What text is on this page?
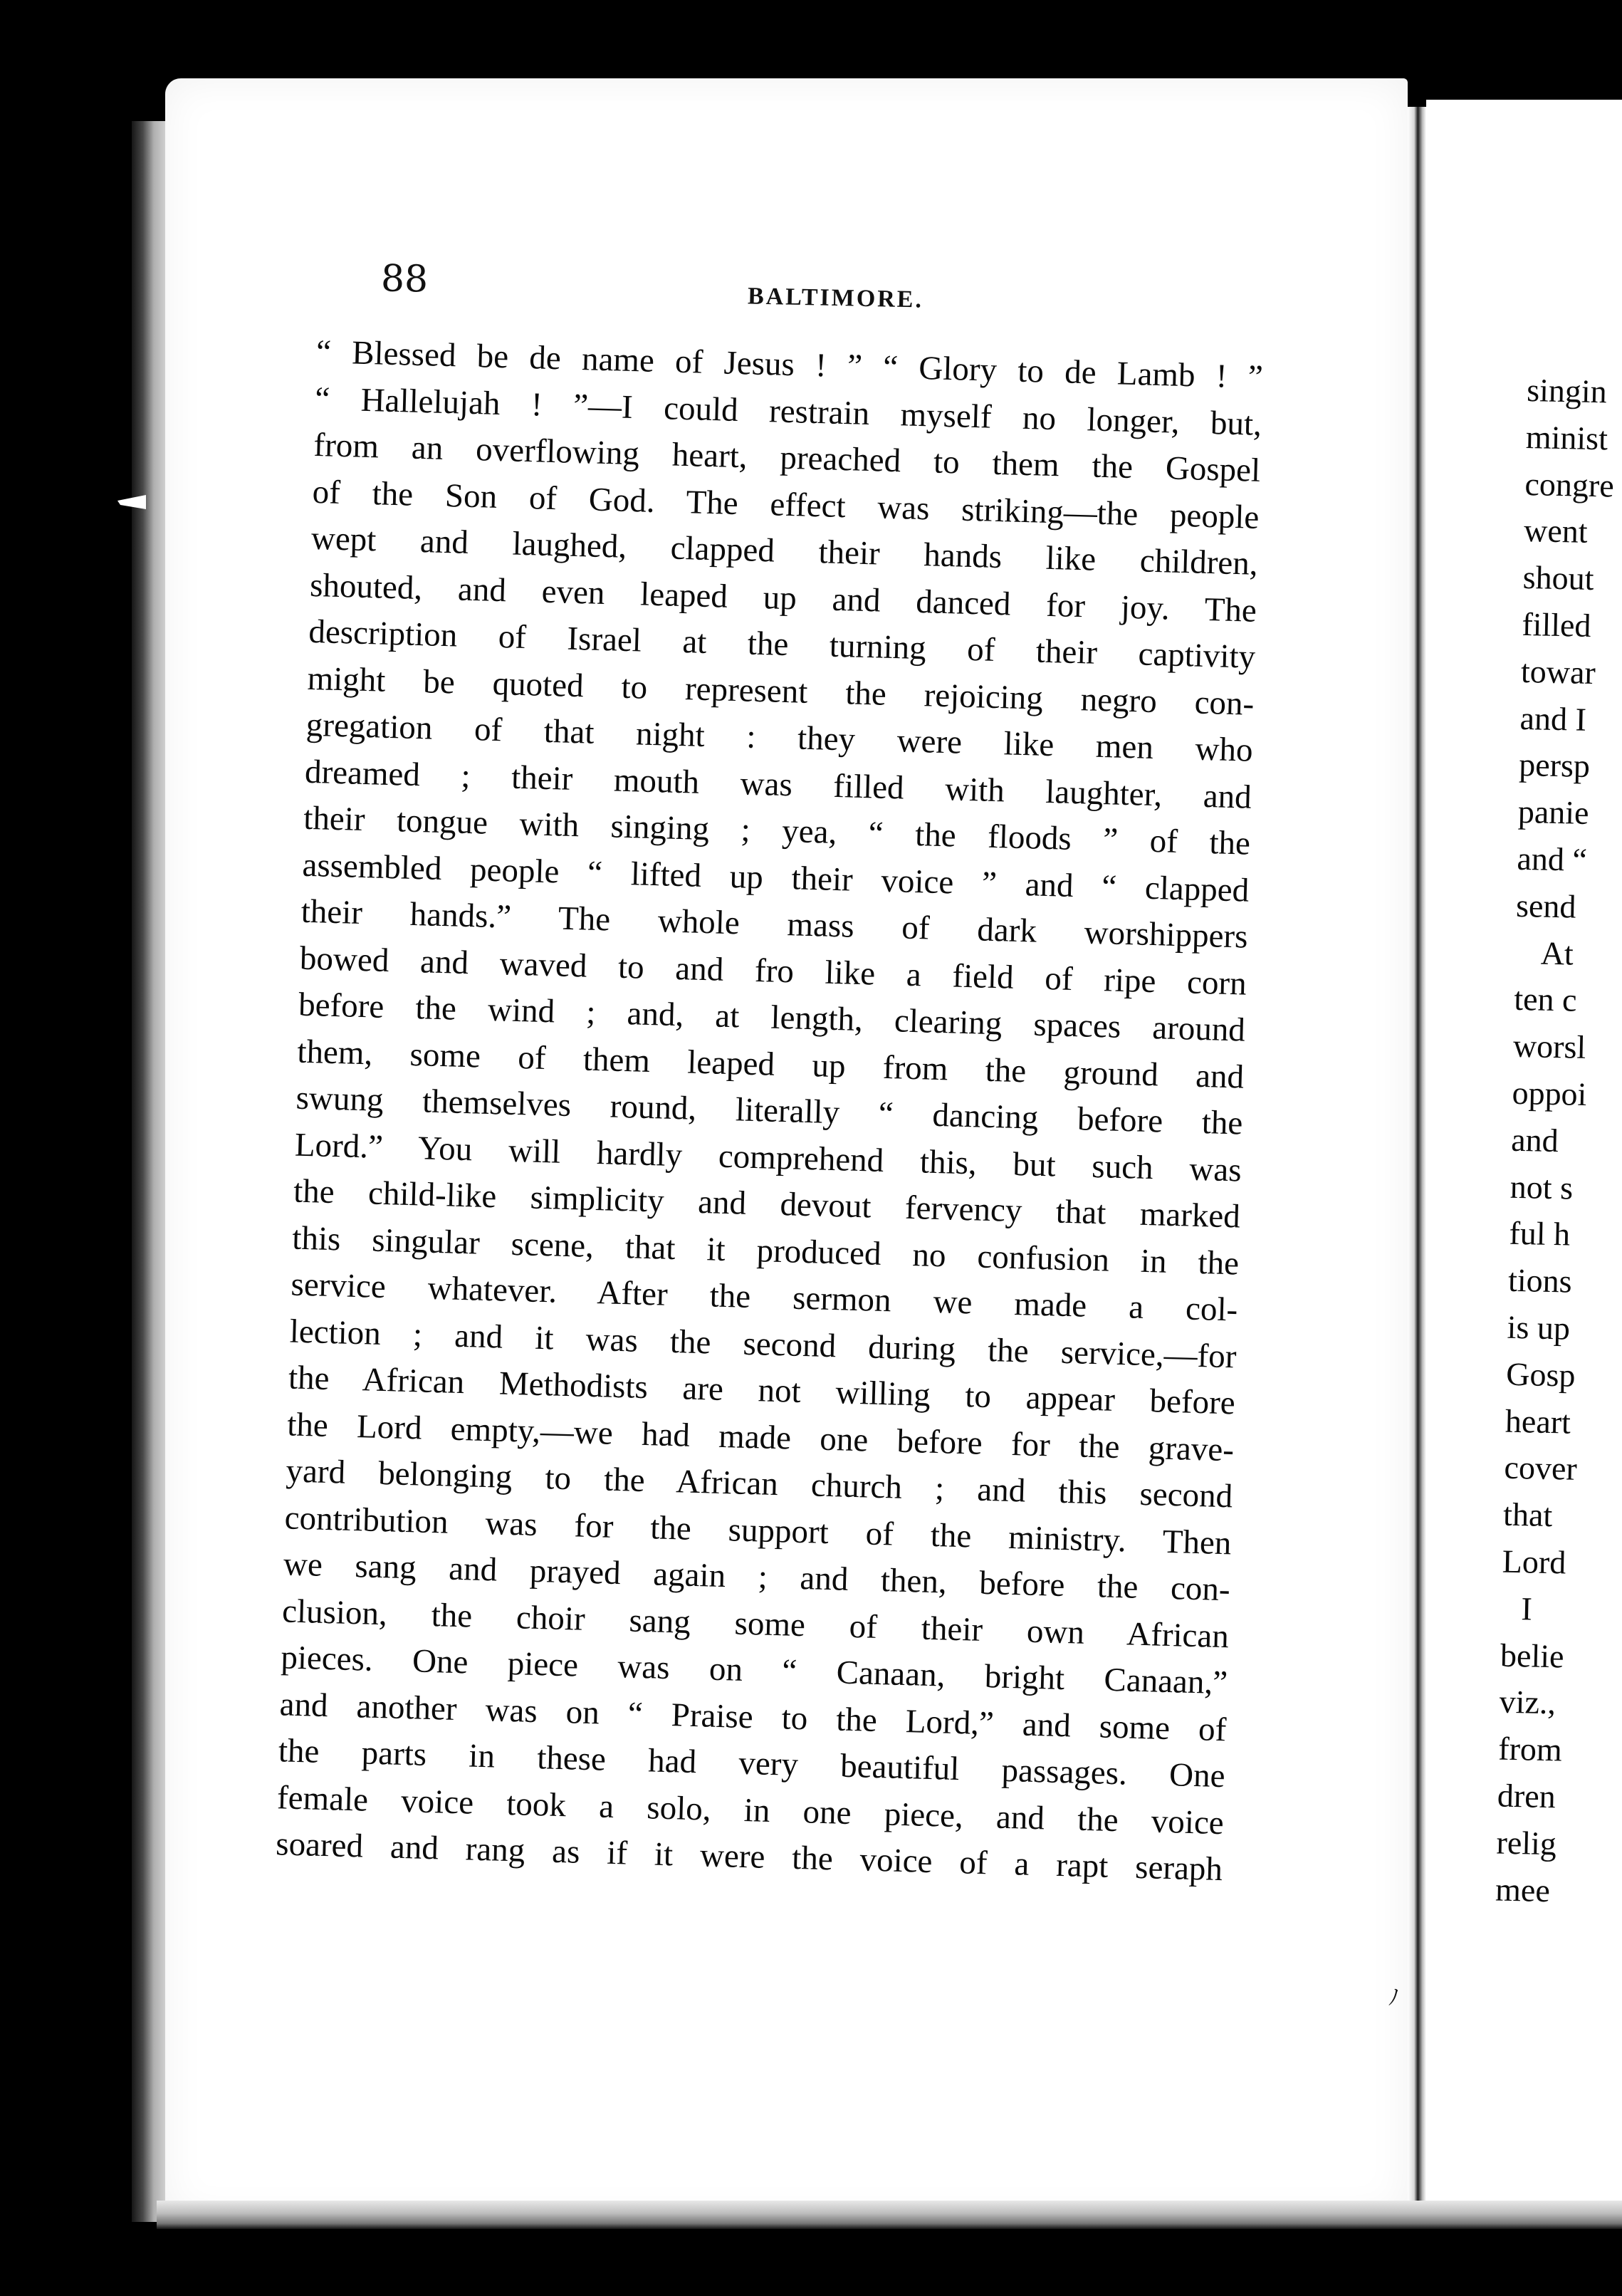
88	BALTIMORE.
“ Blessed be de name of Jesus ! ” “ Glory to de Lamb ! ”
“ Hallelujah ! ”—I could restrain myself no longer, but,
from an overflowing heart, preached to them the Gospel
of the Son of God. The effect was striking—the people
wept and laughed, clapped their hands like children,
shouted, and even leaped up and danced for joy. The
description of Israel at the turning of their captivity
might be quoted to represent the rejoicing negro con-
gregation of that night : they were like men who
dreamed ; their mouth was filled with laughter, and
their tongue with singing ; yea, “ the floods ” of the
assembled people “ lifted up their voice ” and “ clapped
their hands.” The whole mass of dark worshippers
bowed and waved to and fro like a field of ripe corn
before the wind ; and, at length, clearing spaces around
them, some of them leaped up from the ground and
swung themselves round, literally “ dancing before the
Lord.” You will hardly comprehend this, but such was
the child-like simplicity and devout fervency that marked
this singular scene, that it produced no confusion in the
service whatever. After the sermon we made a col-
lection ; and it was the second during the service,—for
the African Methodists are not willing to appear before
the Lord empty,—we had made one before for the grave-
yard belonging to the African church ; and this second
contribution was for the support of the ministry. Then
we sang and prayed again ; and then, before the con-
clusion, the choir sang some of their own African
pieces. One piece was on “ Canaan, bright Canaan,”
and another was on “ Praise to the Lord,” and some of
the parts in these had very beautiful passages. One
female voice took a solo, in one piece, and the voice
soared and rang as if it were the voice of a rapt seraph
singin
minist
congre
went
shout
filled
towar
and I
persp
panie
and “
send
At
ten c
worsl
oppoi
and
not s
ful h
tions
is up
Gosp
heart
cover
that
Lord
I
belie
viz.,
from
dren
relig
mee
ﾉ
